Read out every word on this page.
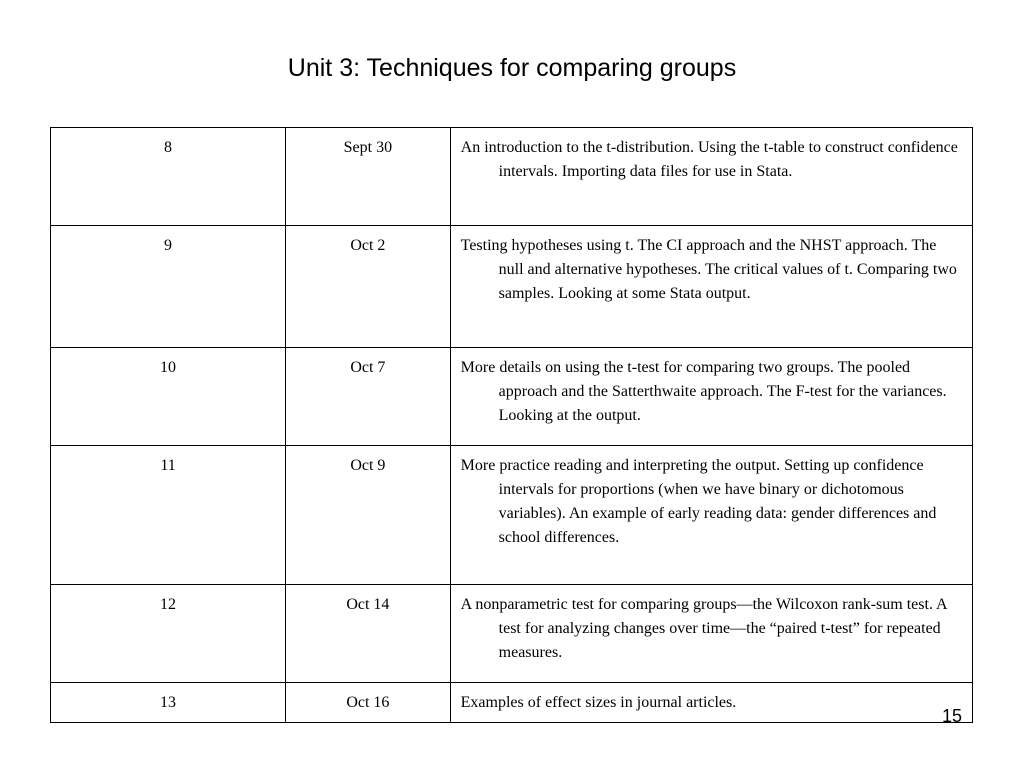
Unit 3: Techniques for comparing groups
8	Sept 30	An introduction to the t-distribution. Using the t-table to construct confidence intervals. Importing data files for use in Stata.

9	Oct 2	Testing hypotheses using t. The CI approach and the NHST approach. The null and alternative hypotheses. The critical values of t. Comparing two samples. Looking at some Stata output.

10	Oct 7	More details on using the t-test for comparing two groups. The pooled approach and the Satterthwaite approach. The F-test for the variances. Looking at the output.

11	Oct 9	More practice reading and interpreting the output. Setting up confidence intervals for proportions (when we have binary or dichotomous variables). An example of early reading data: gender differences and school differences.

12	Oct 14	A nonparametric test for comparing groups—the Wilcoxon rank-sum test. A test for analyzing changes over time—the “paired t-test” for repeated measures.

13	Oct 16	Examples of effect sizes in journal articles.
15
